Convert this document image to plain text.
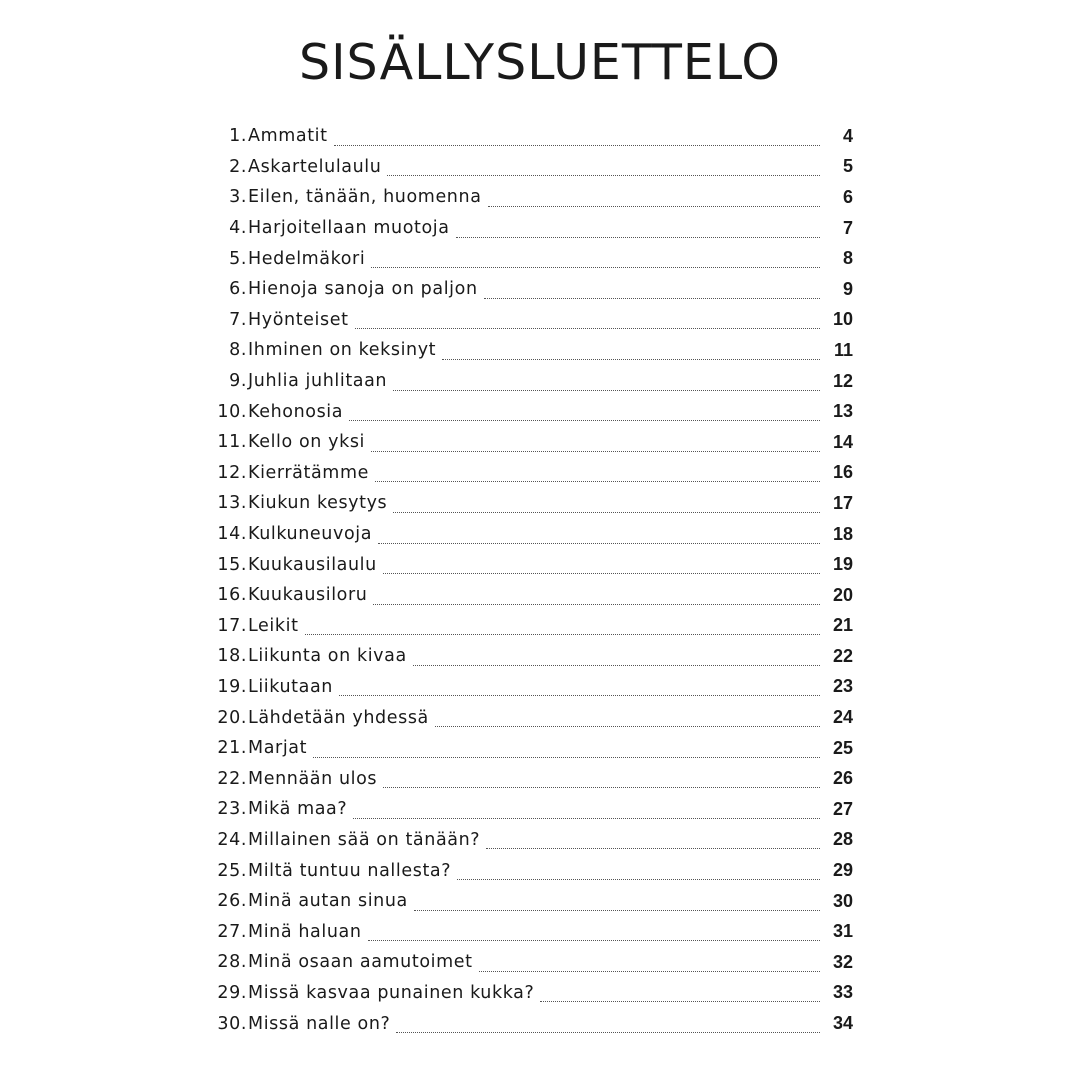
SISÄLLYSLUETTELO
1. Ammatit	4
2. Askartelulaulu	5
3. Eilen, tänään, huomenna	6
4. Harjoitellaan muotoja	7
5. Hedelmäkori	8
6. Hienoja sanoja on paljon	9
7. Hyönteiset	10
8. Ihminen on keksinyt	11
9. Juhlia juhlitaan	12
10. Kehonosia	13
11. Kello on yksi	14
12. Kierrätämme	16
13. Kiukun kesytys	17
14. Kulkuneuvoja	18
15. Kuukausilaulu	19
16. Kuukausiloru	20
17. Leikit	21
18. Liikunta on kivaa	22
19. Liikutaan	23
20. Lähdetään yhdessä	24
21. Marjat	25
22. Mennään ulos	26
23. Mikä maa?	27
24. Millainen sää on tänään?	28
25. Miltä tuntuu nallesta?	29
26. Minä autan sinua	30
27. Minä haluan	31
28. Minä osaan aamutoimet	32
29. Missä kasvaa punainen kukka?	33
30. Missä nalle on?	34
